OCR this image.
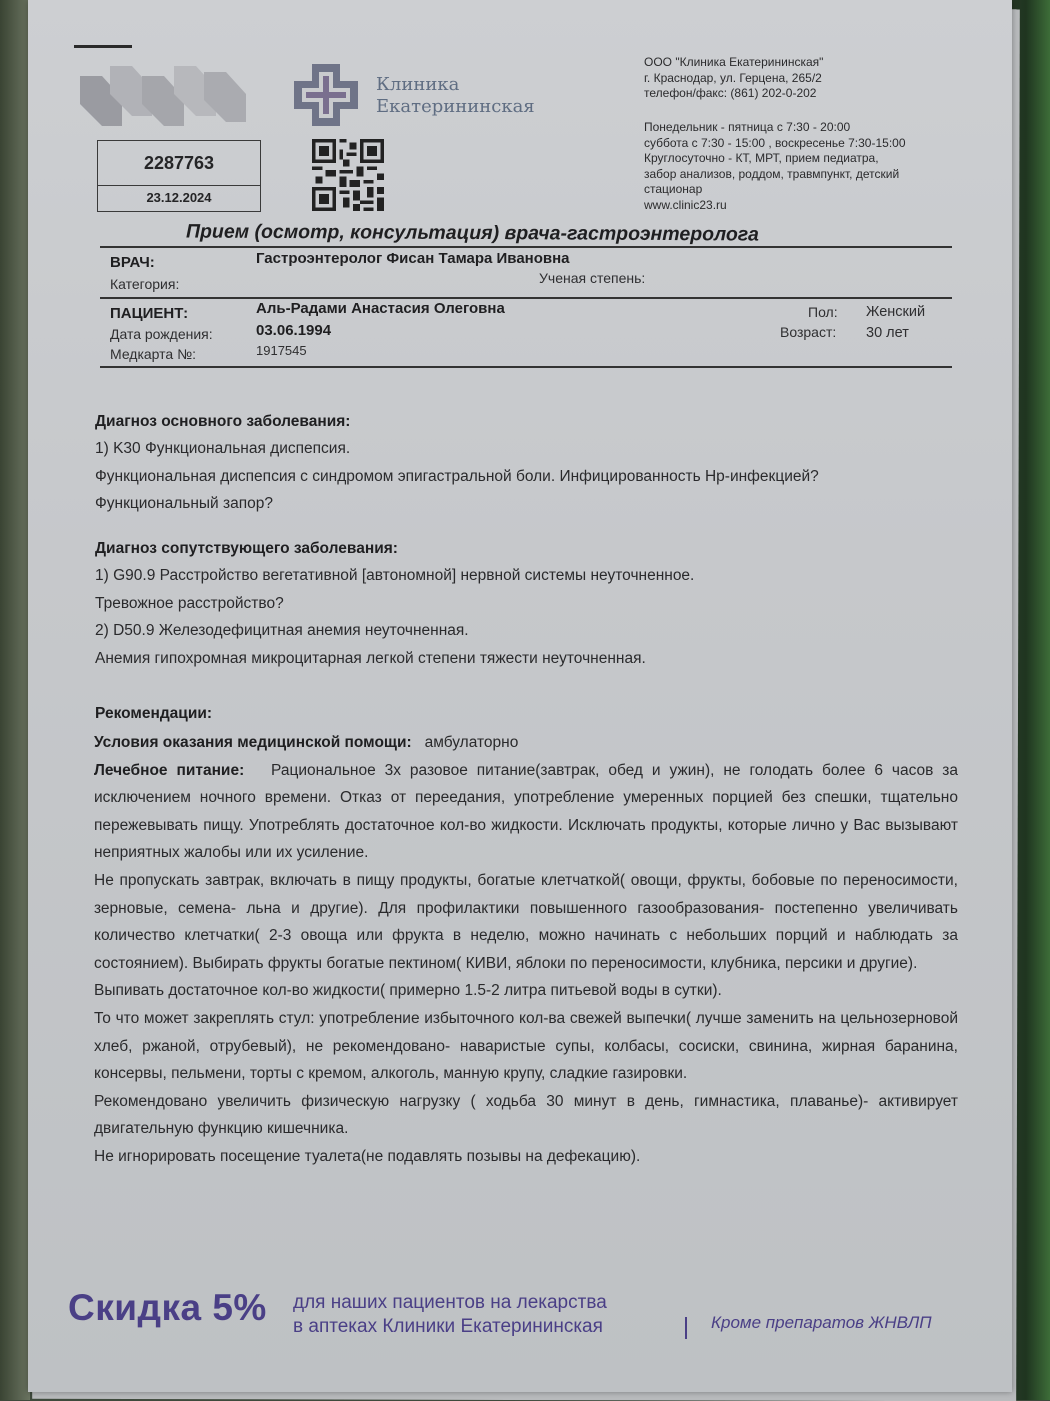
Клиника
Екатерининская
ООО "Клиника Екатерининская"
г. Краснодар, ул. Герцена, 265/2
телефон/факс: (861) 202-0-202
Понедельник - пятница с 7:30 - 20:00
суббота с 7:30 - 15:00 , воскресенье 7:30-15:00
Круглосуточно - КТ, МРТ, прием педиатра,
забор анализов, роддом, травмпункт, детский
стационар
www.clinic23.ru
2287763
23.12.2024
Прием (осмотр, консультация) врача-гастроэнтеролога
ВРАЧ:	Гастроэнтеролог Фисан Тамара Ивановна
Категория:	Ученая степень:
ПАЦИЕНТ:	Аль-Радами Анастасия Олеговна
Дата рождения:	03.06.1994
Медкарта №:	1917545
Пол: Женский
Возраст: 30 лет
Диагноз основного заболевания:
1) K30 Функциональная диспепсия.
Функциональная диспепсия с синдромом эпигастральной боли. Инфицированность Hp-инфекцией?
Функциональный запор?
Диагноз сопутствующего заболевания:
1) G90.9 Расстройство вегетативной [автономной] нервной системы неуточненное.
Тревожное расстройство?
2) D50.9 Железодефицитная анемия неуточненная.
Анемия гипохромная микроцитарная легкой степени тяжести неуточненная.
Рекомендации:

Условия оказания медицинской помощи: амбулаторно

Лечебное питание: Рациональное 3х разовое питание(завтрак, обед и ужин), не голодать более 6 часов за исключением ночного времени. Отказ от переедания, употребление умеренных порцией без спешки, тщательно пережевывать пищу. Употреблять достаточное кол-во жидкости. Исключать продукты, которые лично у Вас вызывают неприятных жалобы или их усиление.

Не пропускать завтрак, включать в пищу продукты, богатые клетчаткой( овощи, фрукты, бобовые по переносимости, зерновые, семена- льна и другие). Для профилактики повышенного газообразования- постепенно увеличивать количество клетчатки( 2-3 овоща или фрукта в неделю, можно начинать с небольших порций и наблюдать за состоянием). Выбирать фрукты богатые пектином( КИВИ, яблоки по переносимости, клубника, персики и другие).

Выпивать достаточное кол-во жидкости( примерно 1.5-2 литра питьевой воды в сутки).

То что может закреплять стул: употребление избыточного кол-ва свежей выпечки( лучше заменить на цельнозерновой хлеб, ржаной, отрубевый), не рекомендовано- наваристые супы, колбасы, сосиски, свинина, жирная баранина, консервы, пельмени, торты с кремом, алкоголь, манную крупу, сладкие газировки.

Рекомендовано увеличить физическую нагрузку ( ходьба 30 минут в день, гимнастика, плаванье)- активирует двигательную функцию кишечника.

Не игнорировать посещение туалета(не подавлять позывы на дефекацию).

Скидка 5% для наших пациентов на лекарства
в аптеках Клиники Екатерининская	Кроме препаратов ЖНВЛП
